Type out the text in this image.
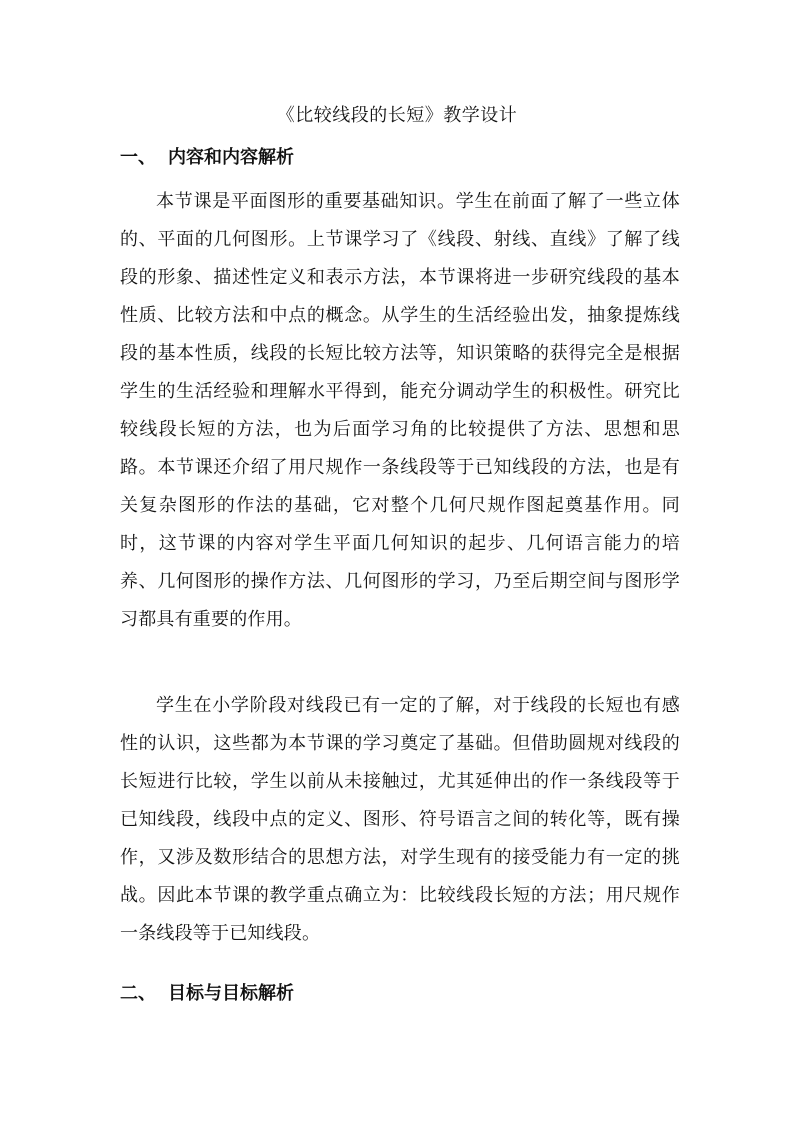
《比较线段的长短》教学设计
一、 内容和内容解析

本节课是平面图形的重要基础知识。学生在前面了解了一些立体的、平面的几何图形。上节课学习了《线段、射线、直线》了解了线段的形象、描述性定义和表示方法，本节课将进一步研究线段的基本性质、比较方法和中点的概念。从学生的生活经验出发，抽象提炼线段的基本性质，线段的长短比较方法等，知识策略的获得完全是根据学生的生活经验和理解水平得到，能充分调动学生的积极性。研究比较线段长短的方法，也为后面学习角的比较提供了方法、思想和思路。本节课还介绍了用尺规作一条线段等于已知线段的方法，也是有关复杂图形的作法的基础，它对整个几何尺规作图起奠基作用。同时，这节课的内容对学生平面几何知识的起步、几何语言能力的培养、几何图形的操作方法、几何图形的学习，乃至后期空间与图形学习都具有重要的作用。

学生在小学阶段对线段已有一定的了解，对于线段的长短也有感性的认识，这些都为本节课的学习奠定了基础。但借助圆规对线段的长短进行比较，学生以前从未接触过，尤其延伸出的作一条线段等于已知线段，线段中点的定义、图形、符号语言之间的转化等，既有操作，又涉及数形结合的思想方法，对学生现有的接受能力有一定的挑战。因此本节课的教学重点确立为：比较线段长短的方法；用尺规作一条线段等于已知线段。

二、 目标与目标解析
